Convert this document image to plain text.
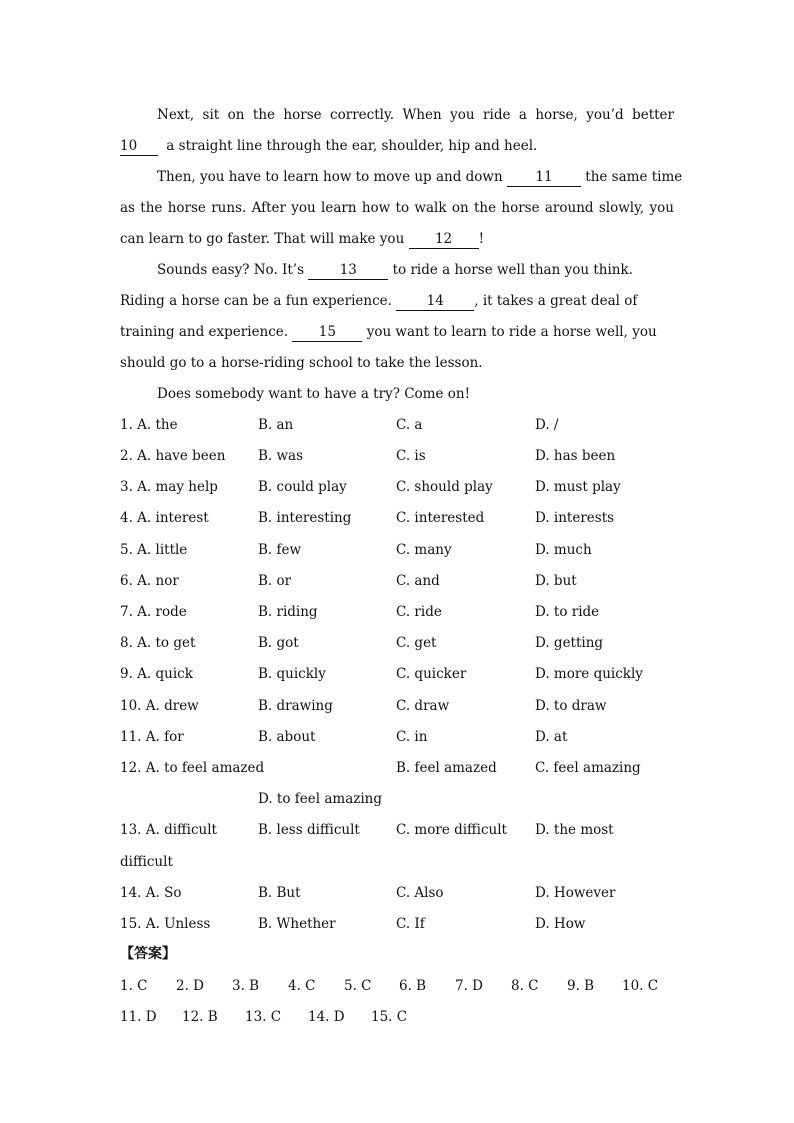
Next, sit on the horse correctly. When you ride a horse, you’d better
10 a straight line through the ear, shoulder, hip and heel.
Then, you have to learn how to move up and down 11 the same time
as the horse runs. After you learn how to walk on the horse around slowly, you
can learn to go faster. That will make you 12 !
Sounds easy? No. It’s	13	to ride a horse well than you think.
Riding a horse can be a fun experience.	14 , it takes a great deal of
training and experience. 15 you want to learn to ride a horse well, you
should go to a horse-riding school to take the lesson.
Does somebody want to have a try? Come on!
1. A. the	B. an	C. a	D. /
2. A. have been B. was	C. is	D. has been
3. A. may help	B. could play	C. should play	D. must play
4. A. interest	B. interesting	C. interested	D. interests
5. A. little	B. few	C. many	D. much
6. A. nor	B. or	C. and	D. but
7. A. rode	B. riding	C. ride	D. to ride
8. A. to get	B. got	C. get	D. getting
9. A. quick	B. quickly	C. quicker	D. more quickly
10. A. drew	B. drawing	C. draw	D. to draw
11. A. for	B. about	C. in	D. at
12. A. to feel amazed	B. feel amazed	C. feel amazing
D. to feel amazing
13. A. difficult	B. less difficult	C. more difficult D. the most
difficult
14. A. So	B. But	C. Also	D. However
15. A. Unless	B. Whether	C. If	D. How
【答案】
1. C 2. D 3. B 4. C 5. C 6. B 7. D 8. C 9. B 10. C
11. D 12. B 13. C 14. D 15. C
